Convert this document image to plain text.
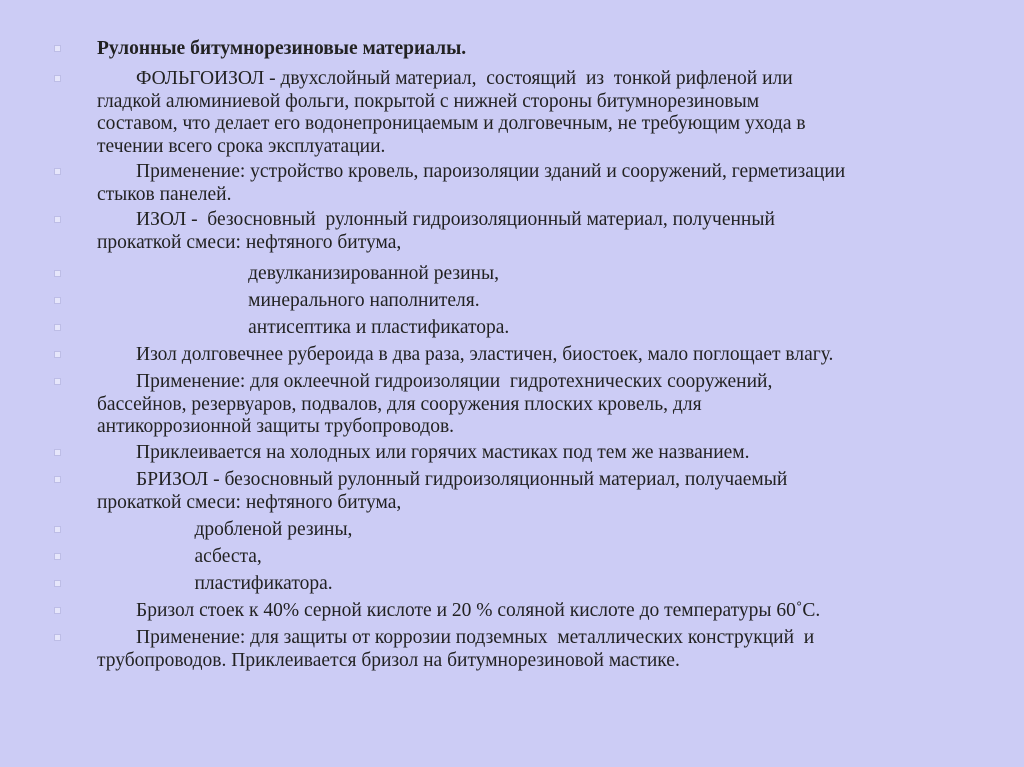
Рулонные битумнорезиновые материалы.

ФОЛЬГОИЗОЛ - двухслойный материал,  состоящий  из  тонкой рифленой или
гладкой алюминиевой фольги, покрытой с нижней стороны битумнорезиновым
составом, что делает его водонепроницаемым и долговечным, не требующим ухода в
течении всего срока эксплуатации.

Применение: устройство кровель, пароизоляции зданий и сооружений, герметизации
стыков панелей.

ИЗОЛ -  безосновный  рулонный гидроизоляционный материал, полученный
прокаткой смеси: нефтяного битума,

девулканизированной резины,

минерального наполнителя.

антисептика и пластификатора.

Изол долговечнее рубероида в два раза, эластичен, биостоек, мало поглощает влагу.

Применение: для оклеечной гидроизоляции  гидротехнических сооружений,
бассейнов, резервуаров, подвалов, для сооружения плоских кровель, для
антикоррозионной защиты трубопроводов.

Приклеивается на холодных или горячих мастиках под тем же названием.

БРИЗОЛ - безосновный рулонный гидроизоляционный материал, получаемый
прокаткой смеси: нефтяного битума,

дробленой резины,

асбеста,

пластификатора.

Бризол стоек к 40% серной кислоте и 20 % соляной кислоте до температуры 60˚С.

Применение: для защиты от коррозии подземных  металлических конструкций  и
трубопроводов. Приклеивается бризол на битумнорезиновой мастике.
